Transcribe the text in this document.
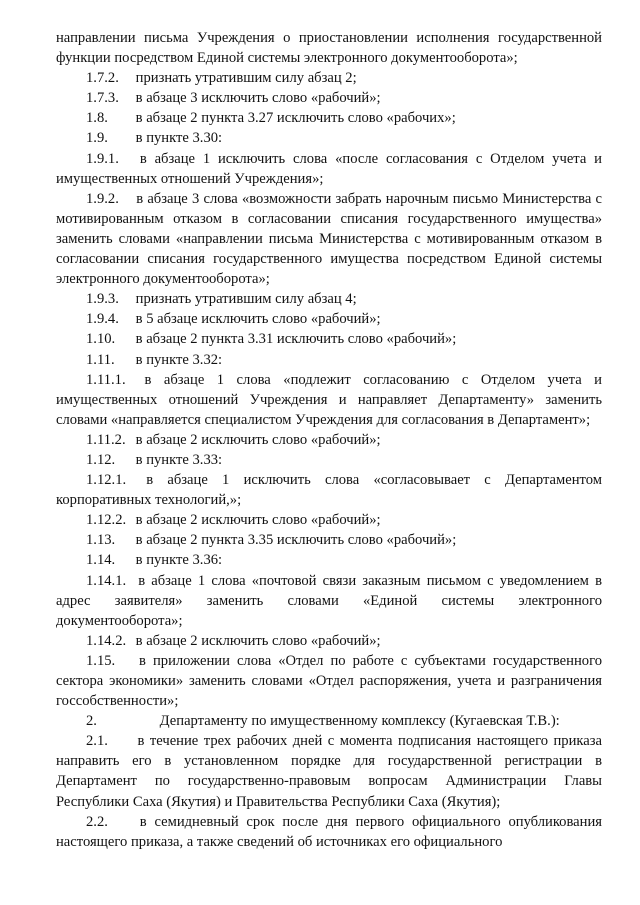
направлении письма Учреждения о приостановлении исполнения государственной функции посредством Единой системы электронного документооборота»;

1.7.2. признать утратившим силу абзац 2;

1.7.3. в абзаце 3 исключить слово «рабочий»;

1.8. в абзаце 2 пункта 3.27 исключить слово «рабочих»;

1.9. в пункте 3.30:

1.9.1. в абзаце 1 исключить слова «после согласования с Отделом учета и имущественных отношений Учреждения»;

1.9.2. в абзаце 3 слова «возможности забрать нарочным письмо Министерства с мотивированным отказом в согласовании списания государственного имущества» заменить словами «направлении письма Министерства с мотивированным отказом в согласовании списания государственного имущества посредством Единой системы электронного документооборота»;

1.9.3. признать утратившим силу абзац 4;

1.9.4. в 5 абзаце исключить слово «рабочий»;

1.10. в абзаце 2 пункта 3.31 исключить слово «рабочий»;

1.11. в пункте 3.32:

1.11.1. в абзаце 1 слова «подлежит согласованию с Отделом учета и имущественных отношений Учреждения и направляет Департаменту» заменить словами «направляется специалистом Учреждения для согласования в Департамент»;

1.11.2. в абзаце 2 исключить слово «рабочий»;

1.12. в пункте 3.33:

1.12.1. в абзаце 1 исключить слова «согласовывает с Департаментом корпоративных технологий,»;

1.12.2. в абзаце 2 исключить слово «рабочий»;

1.13. в абзаце 2 пункта 3.35 исключить слово «рабочий»;

1.14. в пункте 3.36:

1.14.1. в абзаце 1 слова «почтовой связи заказным письмом с уведомлением в адрес заявителя» заменить словами «Единой системы электронного документооборота»;

1.14.2. в абзаце 2 исключить слово «рабочий»;

1.15. в приложении слова «Отдел по работе с субъектами государственного сектора экономики» заменить словами «Отдел распоряжения, учета и разграничения госсобственности»;

2.	Департаменту по имущественному комплексу (Кугаевская Т.В.):

2.1. в течение трех рабочих дней с момента подписания настоящего приказа направить его в установленном порядке для государственной регистрации в Департамент по государственно-правовым вопросам Администрации Главы Республики Саха (Якутия) и Правительства Республики Саха (Якутия);

2.2. в семидневный срок после дня первого официального опубликования настоящего приказа, а также сведений об источниках его официального
